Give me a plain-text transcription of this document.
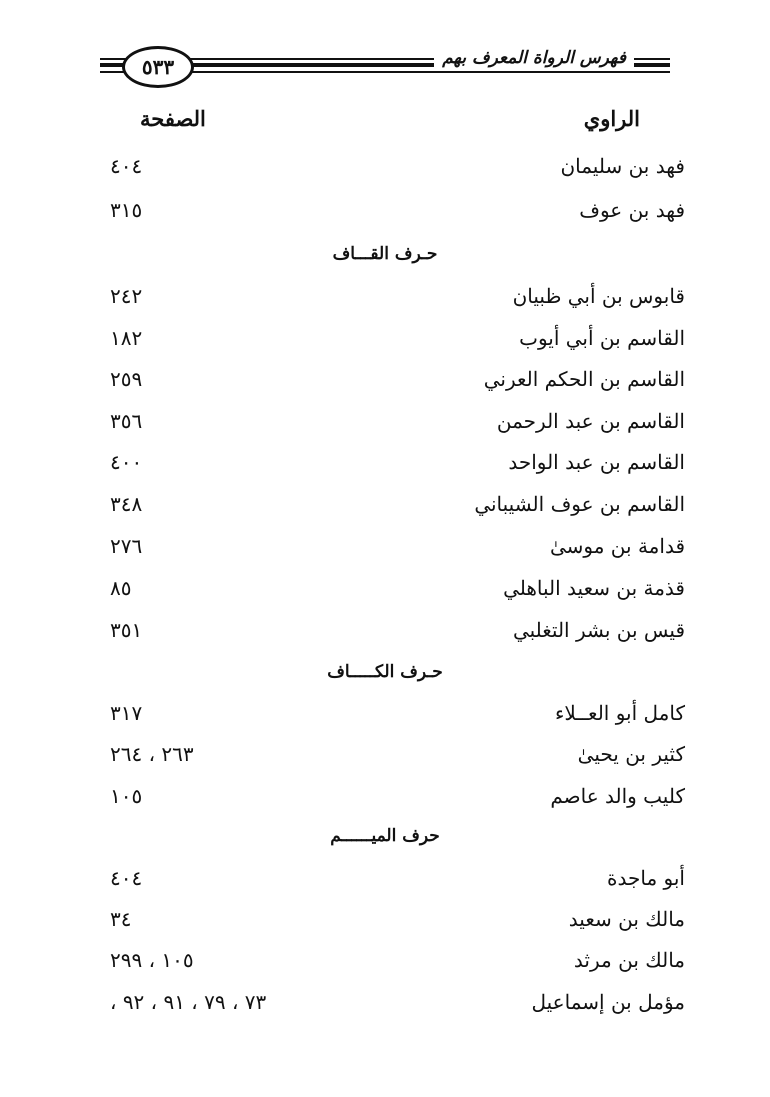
٥٣٣	فهرس الرواة المعرف بهم
الراوي
الصفحة
فهد بن سليمان
٤٠٤
فهد بن عوف
٣١٥
حـرف القـــاف
قابوس بن أبي ظبيان
٢٤٢
القاسم بن أبي أيوب
١٨٢
القاسم بن الحكم العرني
٢٥٩
القاسم بن عبد الرحمن
٣٥٦
القاسم بن عبد الواحد
٤٠٠
القاسم بن عوف الشيباني
٣٤٨
قدامة بن موسىٰ
٢٧٦
قذمة بن سعيد الباهلي
٨٥
قيس بن بشر التغلبي
٣٥١
حـرف الكـــــاف
كامل أبو العــلاء
٣١٧
كثير بن يحيىٰ
٢٦٣ ، ٢٦٤
كليب والد عاصم
١٠٥
حرف الميــــــم
أبو ماجدة
٤٠٤
مالك بن سعيد
٣٤
مالك بن مرثد
١٠٥ ، ٢٩٩
مؤمل بن إسماعيل
٧٣ ، ٧٩ ، ٩١ ، ٩٢ ،
